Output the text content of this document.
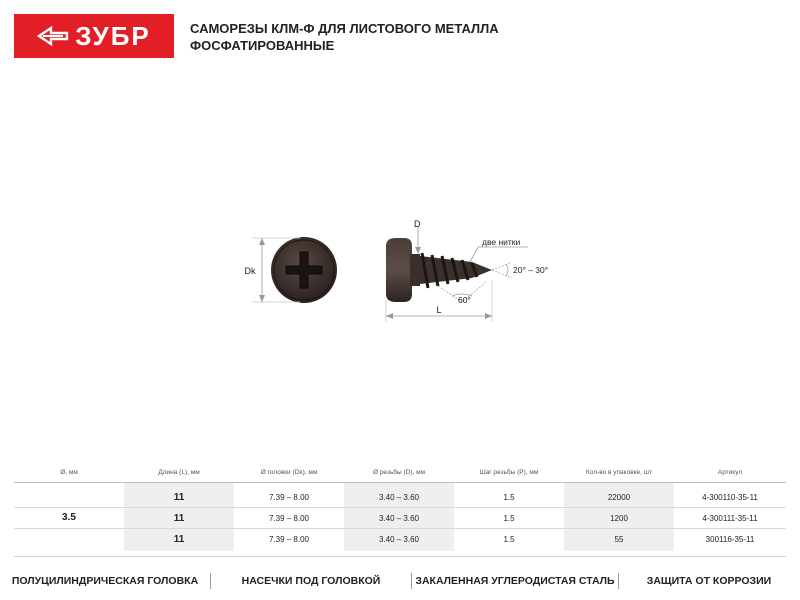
ЗУБР	САМОРЕЗЫ КЛМ-Ф ДЛЯ ЛИСТОВОГО МЕТАЛЛА
ФОСФАТИРОВАННЫЕ
Dk
D
две нитки
20° – 30°
60°
L
Ø, мм	Длина (L), мм	Ø головки (Dk), мм	Ø резьбы (D), мм	Шаг резьбы (P), мм	Кол-во в упаковке, шт	Артикул
3.5
11	7.39 – 8.00	3.40 – 3.60	1.5	22000	4-300110-35-11
11	7.39 – 8.00	3.40 – 3.60	1.5	1200	4-300111-35-11
11	7.39 – 8.00	3.40 – 3.60	1.5	55	300116-35-11
ПОЛУЦИЛИНДРИЧЕСКАЯ ГОЛОВКА	НАСЕЧКИ ПОД ГОЛОВКОЙ	ЗАКАЛЕННАЯ УГЛЕРОДИСТАЯ СТАЛЬ	ЗАЩИТА ОТ КОРРОЗИИ
